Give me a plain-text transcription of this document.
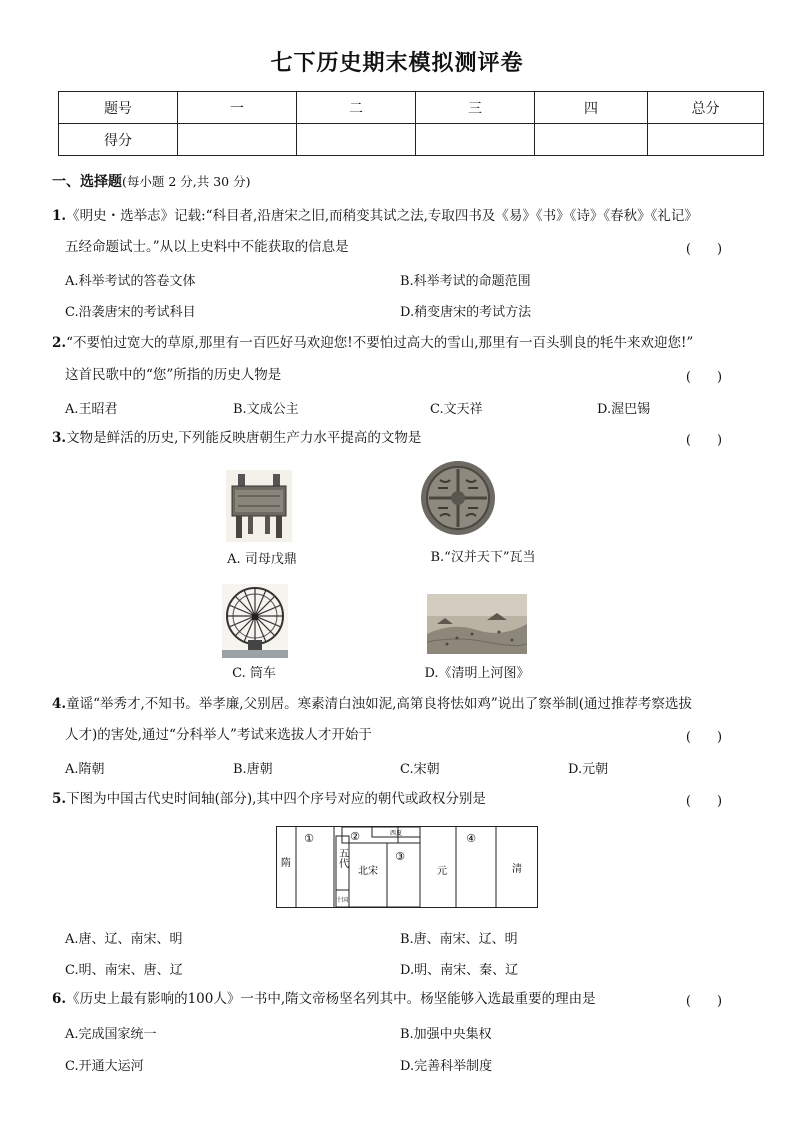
七下历史期末模拟测评卷
题号	一	二	三	四	总分
得分					
一、选择题(每小题 2 分,共 30 分)
1.《明史・选举志》记载:“科目者,沿唐宋之旧,而稍变其试之法,专取四书及《易》《书》《诗》《春秋》《礼记》
五经命题试士。”从以上史料中不能获取的信息是	(　　)
A.科举考试的答卷文体	B.科举考试的命题范围
C.沿袭唐宋的考试科目	D.稍变唐宋的考试方法
2.“不要怕过宽大的草原,那里有一百匹好马欢迎您!不要怕过高大的雪山,那里有一百头驯良的牦牛来欢迎您!”
这首民歌中的“您”所指的历史人物是	(　　)
A.王昭君	B.文成公主	C.文天祥	D.渥巴锡
3.文物是鲜活的历史,下列能反映唐朝生产力水平提高的文物是	(　　)
A. 司母戊鼎	B.“汉并天下”瓦当
C. 筒车	D.《清明上河图》
4.童谣“举秀才,不知书。举孝廉,父别居。寒素清白浊如泥,高第良将怯如鸡”说出了察举制(通过推荐考察选拔
人才)的害处,通过“分科举人”考试来选拔人才开始于	(　　)
A.隋朝	B.唐朝	C.宋朝	D.元朝
5.下图为中国古代史时间轴(部分),其中四个序号对应的朝代或政权分别是	(　　)
隋
①	②	西夏
五代
十国
③
北宋	元
④
清
A.唐、辽、南宋、明	B.唐、南宋、辽、明
C.明、南宋、唐、辽	D.明、南宋、秦、辽
6.《历史上最有影响的100人》一书中,隋文帝杨坚名列其中。杨坚能够入选最重要的理由是	(　　)
A.完成国家统一	B.加强中央集权
C.开通大运河	D.完善科举制度
